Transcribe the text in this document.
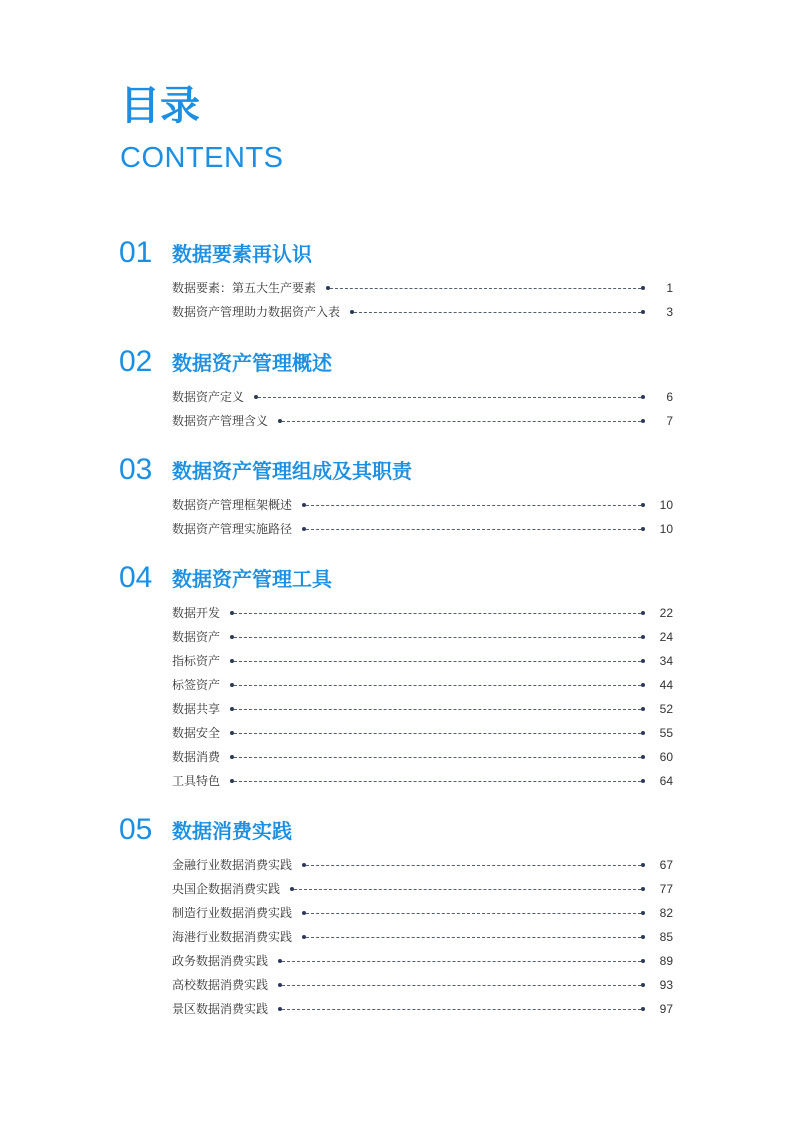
目录
CONTENTS
01 数据要素再认识
数据要素：第五大生产要素	1
数据资产管理助力数据资产入表	3
02 数据资产管理概述
数据资产定义	6
数据资产管理含义	7
03 数据资产管理组成及其职责
数据资产管理框架概述	10
数据资产管理实施路径	10
04 数据资产管理工具
数据开发	22
数据资产	24
指标资产	34
标签资产	44
数据共享	52
数据安全	55
数据消费	60
工具特色	64
05 数据消费实践
金融行业数据消费实践	67
央国企数据消费实践	77
制造行业数据消费实践	82
海港行业数据消费实践	85
政务数据消费实践	89
高校数据消费实践	93
景区数据消费实践	97
